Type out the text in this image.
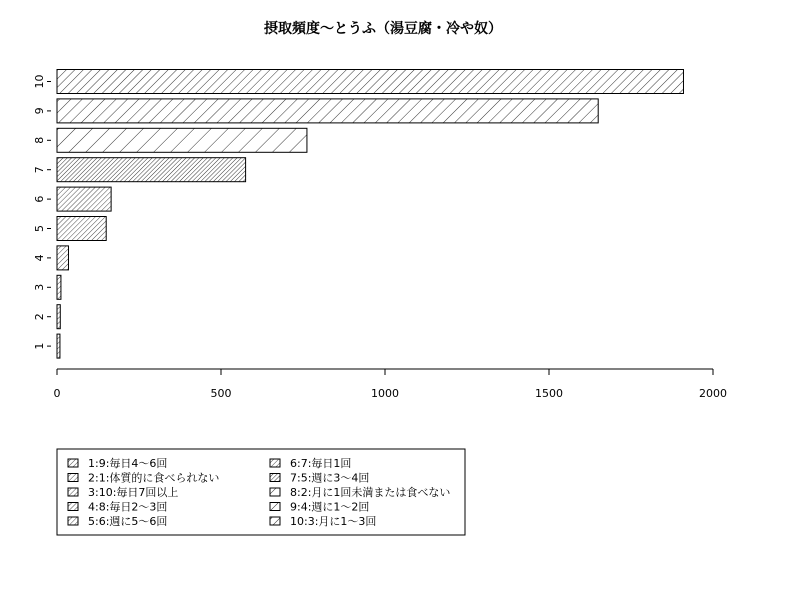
摂取頻度〜とうふ（湯豆腐・冷や奴）
0	500	1000	1500	2000
1
2
3
4
5
6
7
8
9
10
1:9:毎日4〜6回
2:1:体質的に食べられない
3:10:毎日7回以上
4:8:毎日2〜3回
5:6:週に5〜6回
6:7:毎日1回
7:5:週に3〜4回
8:2:月に1回未満または食べない
9:4:週に1〜2回
10:3:月に1〜3回
